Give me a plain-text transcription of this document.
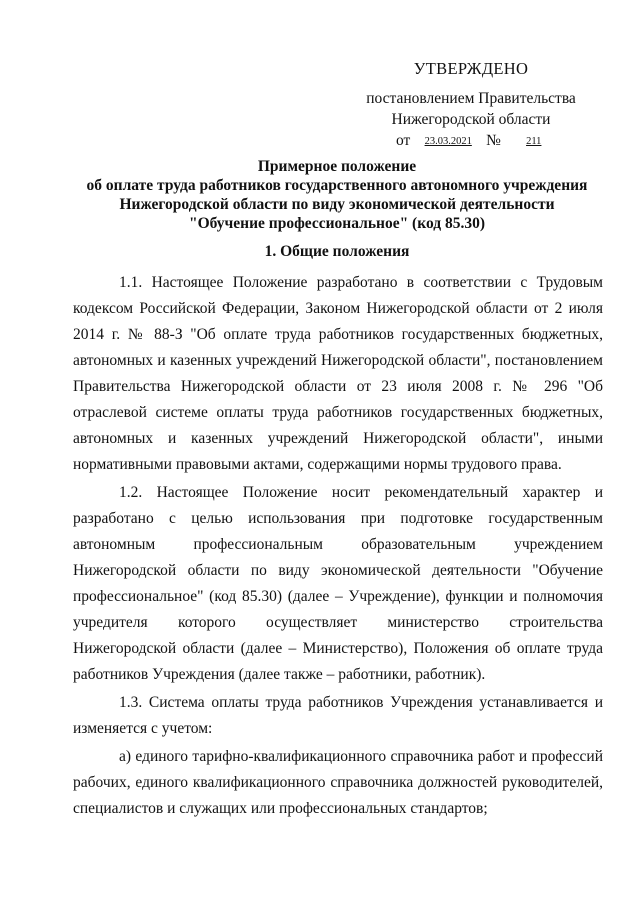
УТВЕРЖДЕНО
постановлением Правительства
Нижегородской области
от 23.03.2021 № 211
Примерное положение
об оплате труда работников государственного автономного учреждения
Нижегородской области по виду экономической деятельности
"Обучение профессиональное" (код 85.30)
1. Общие положения

1.1. Настоящее Положение разработано в соответствии с Трудовым кодексом Российской Федерации, Законом Нижегородской области от 2 июля 2014 г. № 88-З "Об оплате труда работников государственных бюджетных, автономных и казенных учреждений Нижегородской области", постановлением Правительства Нижегородской области от 23 июля 2008 г. № 296 "Об отраслевой системе оплаты труда работников государственных бюджетных, автономных и казенных учреждений Нижегородской области", иными нормативными правовыми актами, содержащими нормы трудового права.

1.2. Настоящее Положение носит рекомендательный характер и разработано с целью использования при подготовке государственным автономным профессиональным образовательным учреждением Нижегородской области по виду экономической деятельности "Обучение профессиональное" (код 85.30) (далее – Учреждение), функции и полномочия учредителя которого осуществляет министерство строительства Нижегородской области (далее – Министерство), Положения об оплате труда работников Учреждения (далее также – работники, работник).

1.3. Система оплаты труда работников Учреждения устанавливается и изменяется с учетом:

а) единого тарифно-квалификационного справочника работ и профессий рабочих, единого квалификационного справочника должностей руководителей, специалистов и служащих или профессиональных стандартов;
